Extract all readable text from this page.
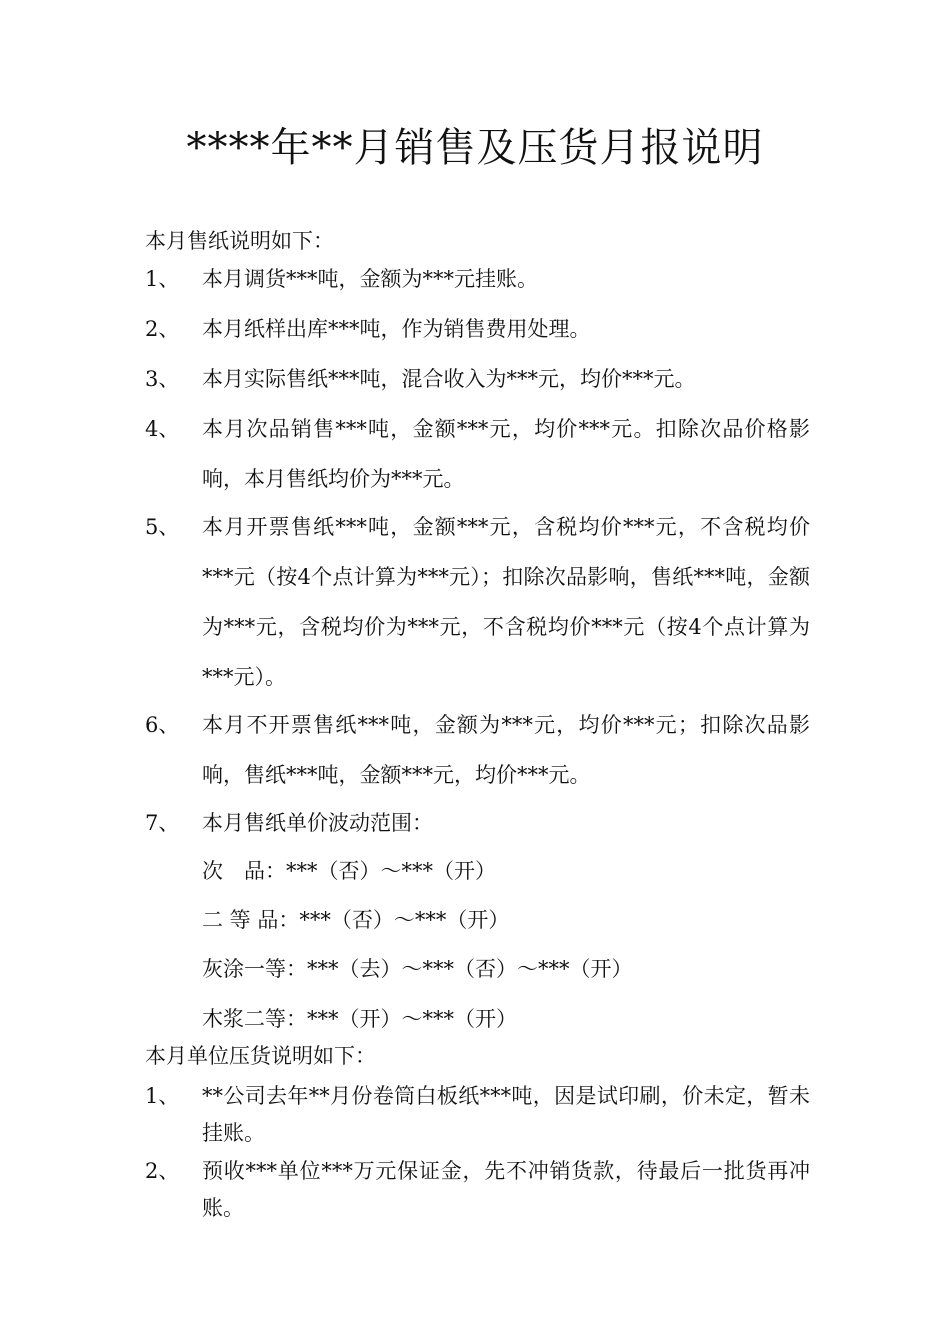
****年**月销售及压货月报说明
本月售纸说明如下：
1、	本月调货***吨，金额为***元挂账。
2、	本月纸样出库***吨，作为销售费用处理。
3、	本月实际售纸***吨，混合收入为***元，均价***元。
4、	本月次品销售***吨，金额***元，均价***元。扣除次品价格影响，本月售纸均价为***元。
5、	本月开票售纸***吨，金额***元，含税均价***元，不含税均价***元（按4个点计算为***元）；扣除次品影响，售纸***吨，金额为***元，含税均价为***元，不含税均价***元（按4个点计算为***元）。
6、	本月不开票售纸***吨，金额为***元，均价***元；扣除次品影响，售纸***吨，金额***元，均价***元。
7、	本月售纸单价波动范围：
次　品：***（否）～***（开）
二 等 品：***（否）～***（开）
灰涂一等：***（去）～***（否）～***（开）
木浆二等：***（开）～***（开）
本月单位压货说明如下：
1、	**公司去年**月份卷筒白板纸***吨，因是试印刷，价未定，暂未挂账。
2、	预收***单位***万元保证金，先不冲销货款，待最后一批货再冲账。
